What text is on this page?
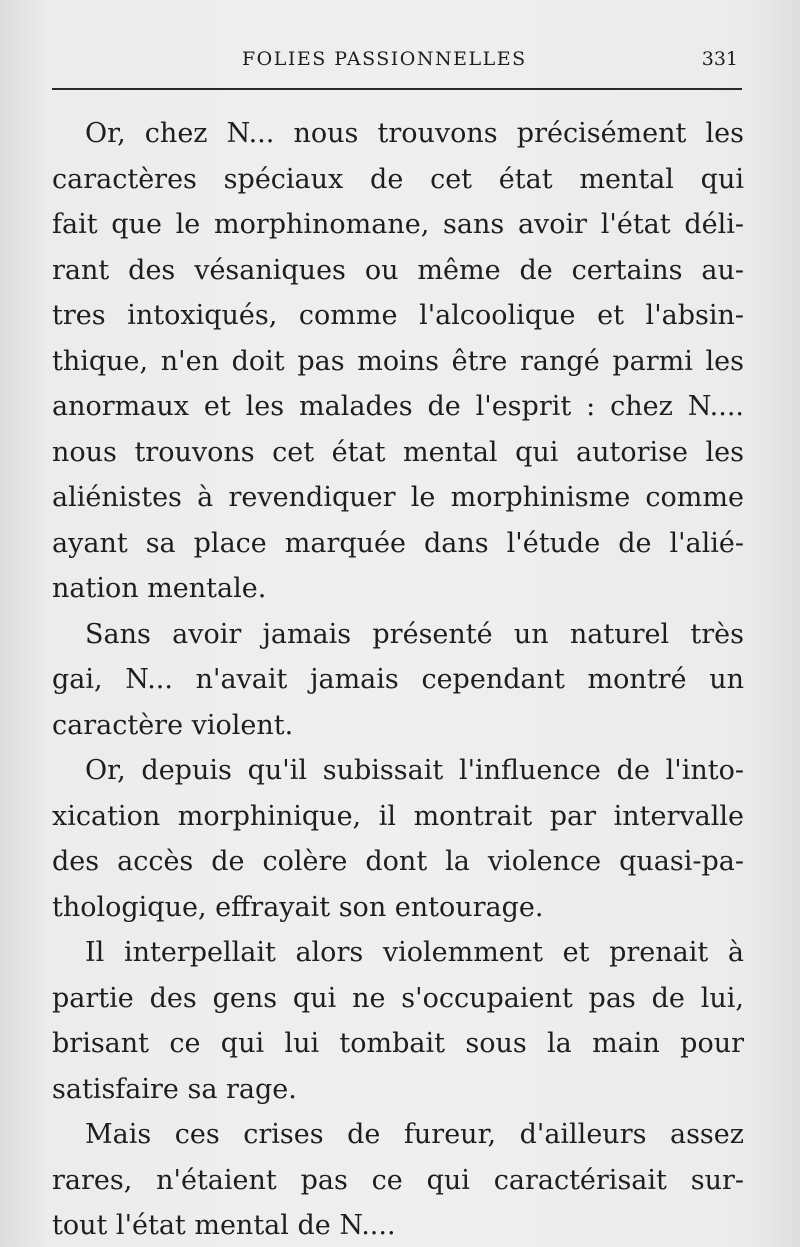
FOLIES PASSIONNELLES	331

Or, chez N... nous trouvons précisément les
caractères spéciaux de cet état mental qui
fait que le morphinomane, sans avoir l'état déli-
rant des vésaniques ou même de certains au-
tres intoxiqués, comme l'alcoolique et l'absin-
thique, n'en doit pas moins être rangé parmi les
anormaux et les malades de l'esprit : chez N....
nous trouvons cet état mental qui autorise les
aliénistes à revendiquer le morphinisme comme
ayant sa place marquée dans l'étude de l'alié-
nation mentale.

Sans avoir jamais présenté un naturel très
gai, N... n'avait jamais cependant montré un
caractère violent.

Or, depuis qu'il subissait l'influence de l'into-
xication morphinique, il montrait par intervalle
des accès de colère dont la violence quasi-pa-
thologique, effrayait son entourage.

Il interpellait alors violemment et prenait à
partie des gens qui ne s'occupaient pas de lui,
brisant ce qui lui tombait sous la main pour
satisfaire sa rage.

Mais ces crises de fureur, d'ailleurs assez
rares, n'étaient pas ce qui caractérisait sur-
tout l'état mental de N....
